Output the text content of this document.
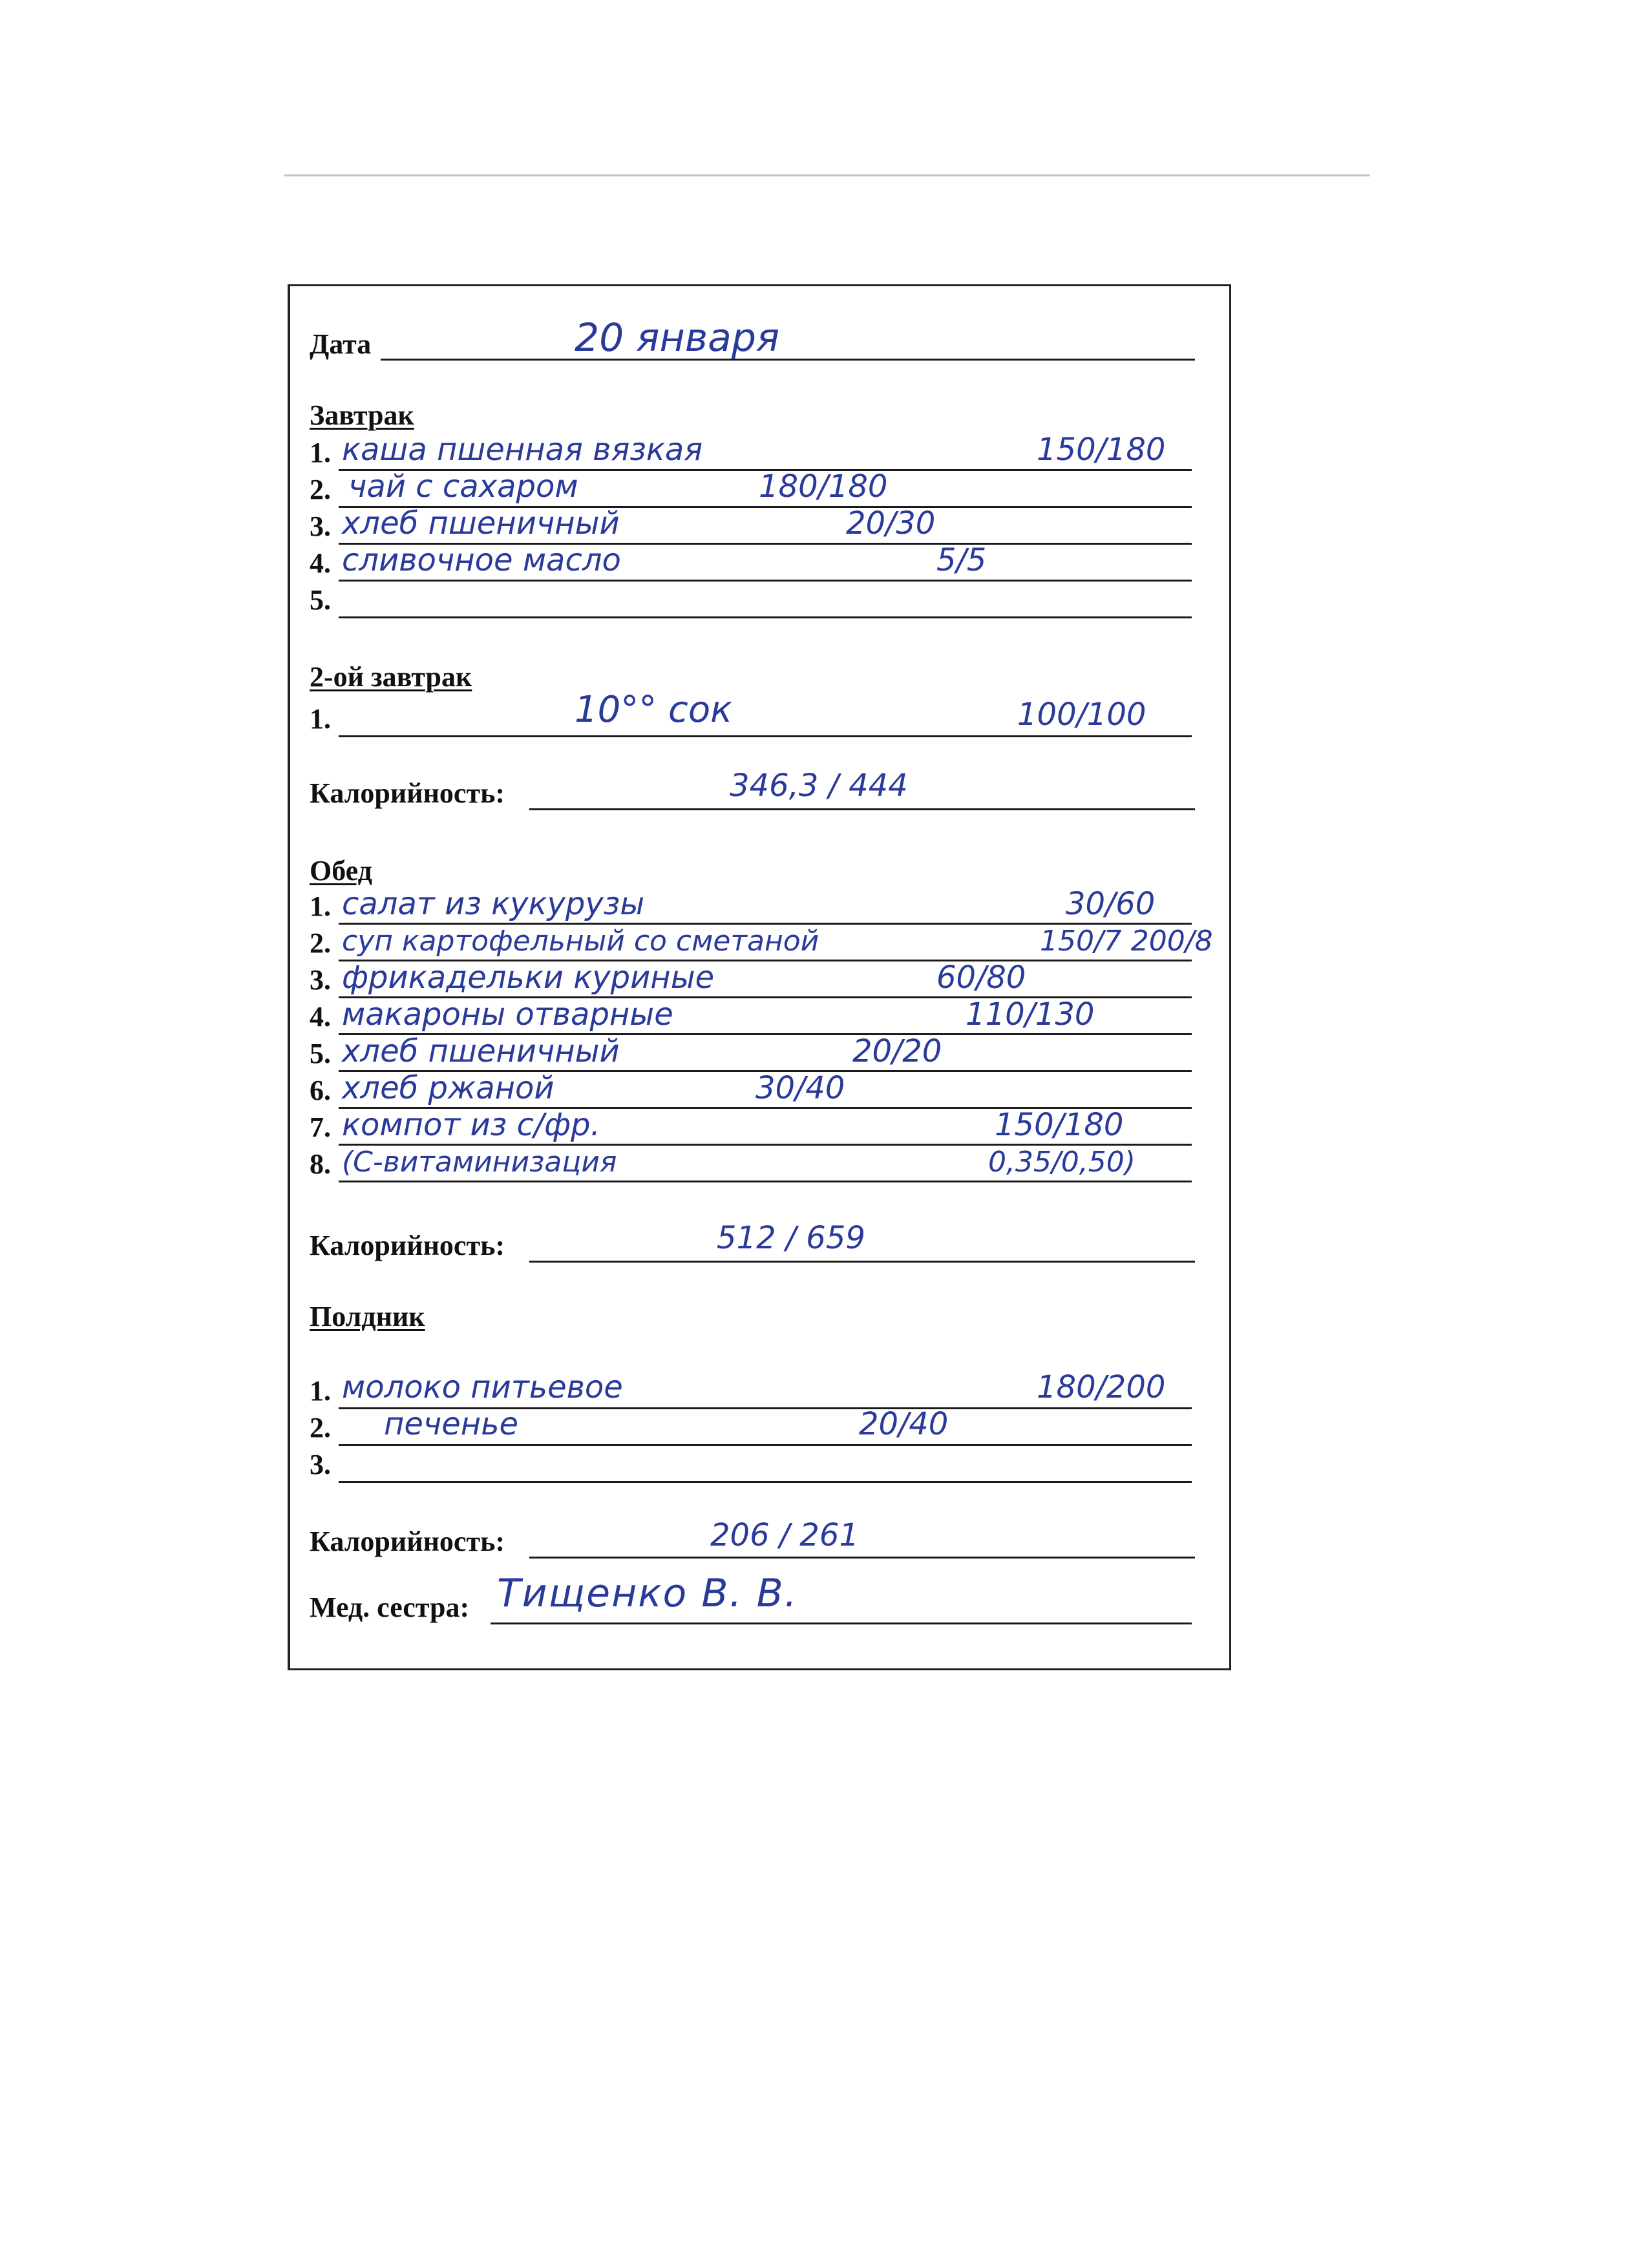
Дата	20 января
Завтрак
1. каша пшенная вязкая	150/180
2. чай с сахаром	180/180
3. хлеб пшеничный	20/30
4. сливочное масло	5/5
5.
2-ой завтрак
1.	10°° сок	100/100
Калорийность:	346,3 / 444
Обед
1. салат из кукурузы	30/60
2. суп картофельный со сметаной	150/7 200/8
3. фрикадельки куриные	60/80
4. макароны отварные	110/130
5. хлеб пшеничный	20/20
6. хлеб ржаной	30/40
7. компот из с/фр.	150/180
8. (С-витаминизация	0,35/0,50)
Калорийность:	512 / 659
Полдник
1. молоко питьевое	180/200
2. печенье	20/40
3.
Калорийность:	206 / 261
Мед. сестра: Тищенко В. В.
